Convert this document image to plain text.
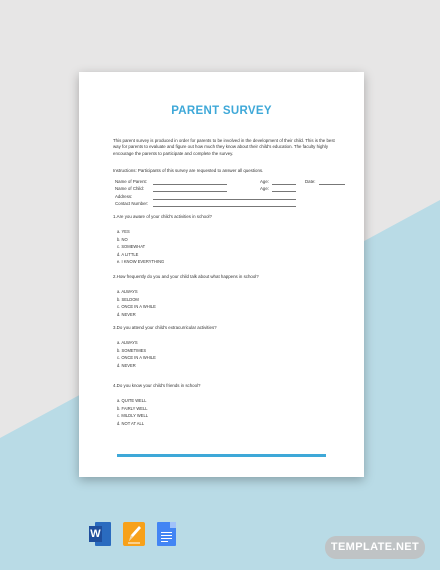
PARENT SURVEY
This parent survey is produced in order for parents to be involved in the development of their child. This is the best way for parents to evaluate and figure out how much they know about their child's education. The faculty highly encourage the parents to participate and complete the survey.
Instructions: Participants of this survey are requested to answer all questions.
Name of Parent:	Age:	Date:
Name of Child:	Age:
Address:
Contact Number:
1.Are you aware of your child's activities in school?
a. YES
b. NO
c. SOMEWHAT
d. A LITTLE
e. I KNOW EVERYTHING
2.How frequently do you and your child talk about what happens in school?
a. ALWAYS
b. SELDOM
c. ONCE IN A WHILE
d. NEVER
3.Do you attend your child's extracurricular activities?
a. ALWAYS
b. SOMETIMES
c. ONCE IN A WHILE
d. NEVER
4.Do you know your child's friends in school?
a. QUITE WELL
b. FAIRLY WELL
c. MILDLY WELL
d. NOT AT ALL
W
TEMPLATE.NET
